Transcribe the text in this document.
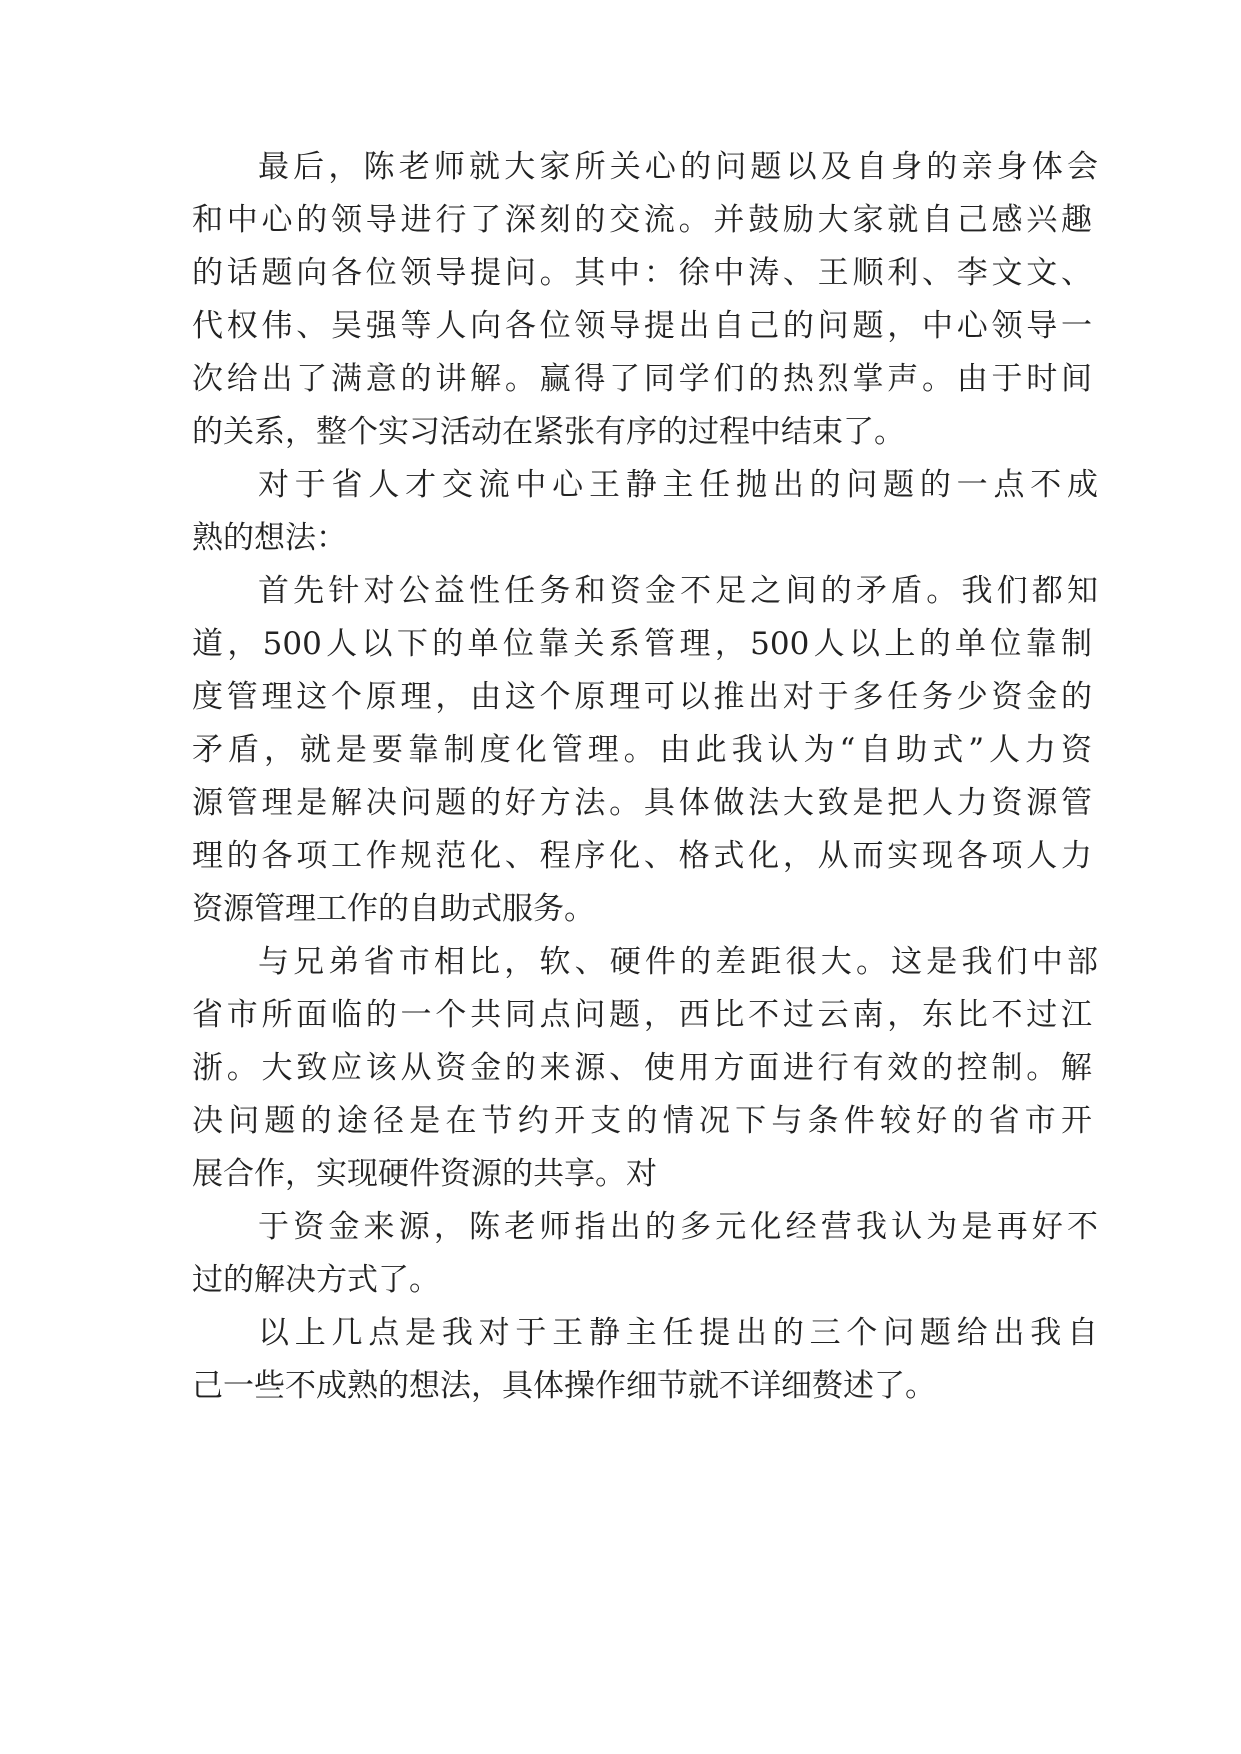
最后，陈老师就大家所关心的问题以及自身的亲身体会
和中心的领导进行了深刻的交流。并鼓励大家就自己感兴趣
的话题向各位领导提问。其中：徐中涛、王顺利、李文文、
代权伟、吴强等人向各位领导提出自己的问题，中心领导一
次给出了满意的讲解。赢得了同学们的热烈掌声。由于时间
的关系，整个实习活动在紧张有序的过程中结束了。
对于省人才交流中心王静主任抛出的问题的一点不成
熟的想法：
首先针对公益性任务和资金不足之间的矛盾。我们都知
道，500人以下的单位靠关系管理，500人以上的单位靠制
度管理这个原理，由这个原理可以推出对于多任务少资金的
矛盾，就是要靠制度化管理。由此我认为“自助式”人力资
源管理是解决问题的好方法。具体做法大致是把人力资源管
理的各项工作规范化、程序化、格式化，从而实现各项人力
资源管理工作的自助式服务。
与兄弟省市相比，软、硬件的差距很大。这是我们中部
省市所面临的一个共同点问题，西比不过云南，东比不过江
浙。大致应该从资金的来源、使用方面进行有效的控制。解
决问题的途径是在节约开支的情况下与条件较好的省市开
展合作，实现硬件资源的共享。对
于资金来源，陈老师指出的多元化经营我认为是再好不
过的解决方式了。
以上几点是我对于王静主任提出的三个问题给出我自
己一些不成熟的想法，具体操作细节就不详细赘述了。
